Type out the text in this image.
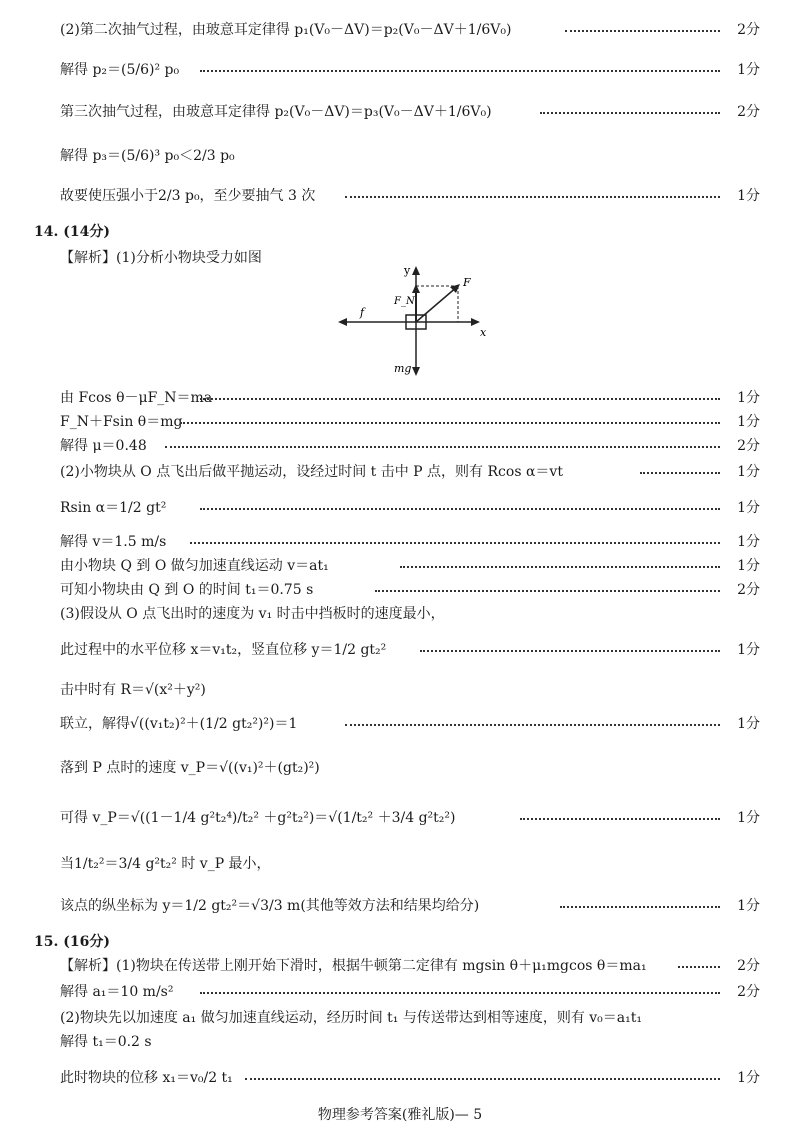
(2)第二次抽气过程，由玻意耳定律得 p₁(V₀－ΔV)＝p₂(V₀－ΔV＋1/6V₀)	2分
解得 p₂＝(5/6)² p₀	1分
第三次抽气过程，由玻意耳定律得 p₂(V₀－ΔV)＝p₃(V₀－ΔV＋1/6V₀)	2分
解得 p₃＝(5/6)³ p₀＜2/3 p₀
故要使压强小于2/3 p₀，至少要抽气 3 次	1分
14. (14分)
【解析】(1)分析小物块受力如图
y
x
F
F_N
f
mg
由 Fcos θ－μF_N＝ma	1分
F_N＋Fsin θ＝mg	1分
解得 μ＝0.48	2分
(2)小物块从 O 点飞出后做平抛运动，设经过时间 t 击中 P 点，则有 Rcos α＝vt	1分
Rsin α＝1/2 gt²	1分
解得 v＝1.5 m/s	1分
由小物块 Q 到 O 做匀加速直线运动 v＝at₁	1分
可知小物块由 Q 到 O 的时间 t₁＝0.75 s	2分
(3)假设从 O 点飞出时的速度为 v₁ 时击中挡板时的速度最小，
此过程中的水平位移 x＝v₁t₂，竖直位移 y＝1/2 gt₂²	1分
击中时有 R＝√(x²＋y²)
联立，解得√((v₁t₂)²＋(1/2 gt₂²)²)＝1	1分
落到 P 点时的速度 v_P＝√((v₁)²＋(gt₂)²)
可得 v_P＝√((1－1/4 g²t₂⁴)/t₂² ＋g²t₂²)＝√(1/t₂² ＋3/4 g²t₂²)	1分
当1/t₂²＝3/4 g²t₂² 时 v_P 最小，
该点的纵坐标为 y＝1/2 gt₂²＝√3/3 m(其他等效方法和结果均给分)	1分
15. (16分)
【解析】(1)物块在传送带上刚开始下滑时，根据牛顿第二定律有 mgsin θ＋μ₁mgcos θ＝ma₁	2分
解得 a₁＝10 m/s²	2分
(2)物块先以加速度 a₁ 做匀加速直线运动，经历时间 t₁ 与传送带达到相等速度，则有 v₀＝a₁t₁
解得 t₁＝0.2 s
此时物块的位移 x₁＝v₀/2 t₁	1分
物理参考答案(雅礼版)— 5
